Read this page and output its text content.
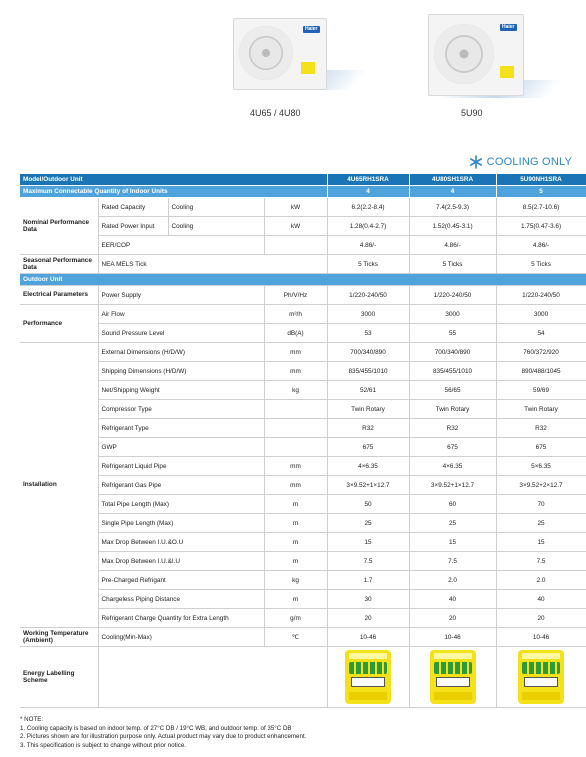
Haier	Haier
4U65 / 4U80	5U90
COOLING ONLY
Model/Outdoor Unit				4U65RH1SRA	4U80SH1SRA	5U90NH1SRA
Maximum Connectable Quantity of Indoor Units				4	4	5
Nominal Performance Data	Rated Capacity	Cooling	kW	6.2(2.2-8.4)	7.4(2.5-9.3)	8.5(2.7-10.6)
	Rated Power Input	Cooling	kW	1.28(0.4-2.7)	1.52(0.45-3.1)	1.75(0.47-3.6)
	EER/COP			4.86/-	4.86/-	4.86/-
Seasonal Performance Data	NEA MELS Tick			5 Ticks	5 Ticks	5 Ticks
Outdoor Unit						
Electrical Parameters	Power Supply		Ph/V/Hz	1/220-240/50	1/220-240/50	1/220-240/50
Performance	Air Flow		m³/h	3000	3000	3000
	Sound Pressure Level		dB(A)	53	55	54
Installation	External Dimensions (H/D/W)		mm	700/340/890	700/340/890	760/372/920
	Shipping Dimensions (H/D/W)		mm	835/455/1010	835/455/1010	890/488/1045
	Net/Shipping Weight		kg	52/61	56/65	59/69
	Compressor Type			Twin Rotary	Twin Rotary	Twin Rotary
	Refrigerant Type			R32	R32	R32
	GWP			675	675	675
	Refrigerant Liquid Pipe		mm	4×6.35	4×6.35	5×6.35
	Refrigerant Gas Pipe		mm	3×9.52+1×12.7	3×9.52+1×12.7	3×9.52+2×12.7
	Total Pipe Length (Max)		m	50	60	70
	Single Pipe Length (Max)		m	25	25	25
	Max Drop Between I.U.&O.U		m	15	15	15
	Max Drop Between I.U.&I.U		m	7.5	7.5	7.5
	Pre-Charged Refrigant		kg	1.7	2.0	2.0
	Chargeless Piping Distance		m	30	40	40
	Refrigerant Charge Quantity for Extra Length		g/m	20	20	20
Working Temperature (Ambient)	Cooling(Min-Max)		℃	10-46	10-46	10-46
Energy Labelling Scheme				

* NOTE:
1. Cooling capacity is based on indoor temp. of 27°C DB / 19°C WB, and outdoor temp. of 35°C DB
2. Pictures shown are for illustration purpose only. Actual product may vary due to product enhancement.
3. This specification is subject to change without prior notice.
